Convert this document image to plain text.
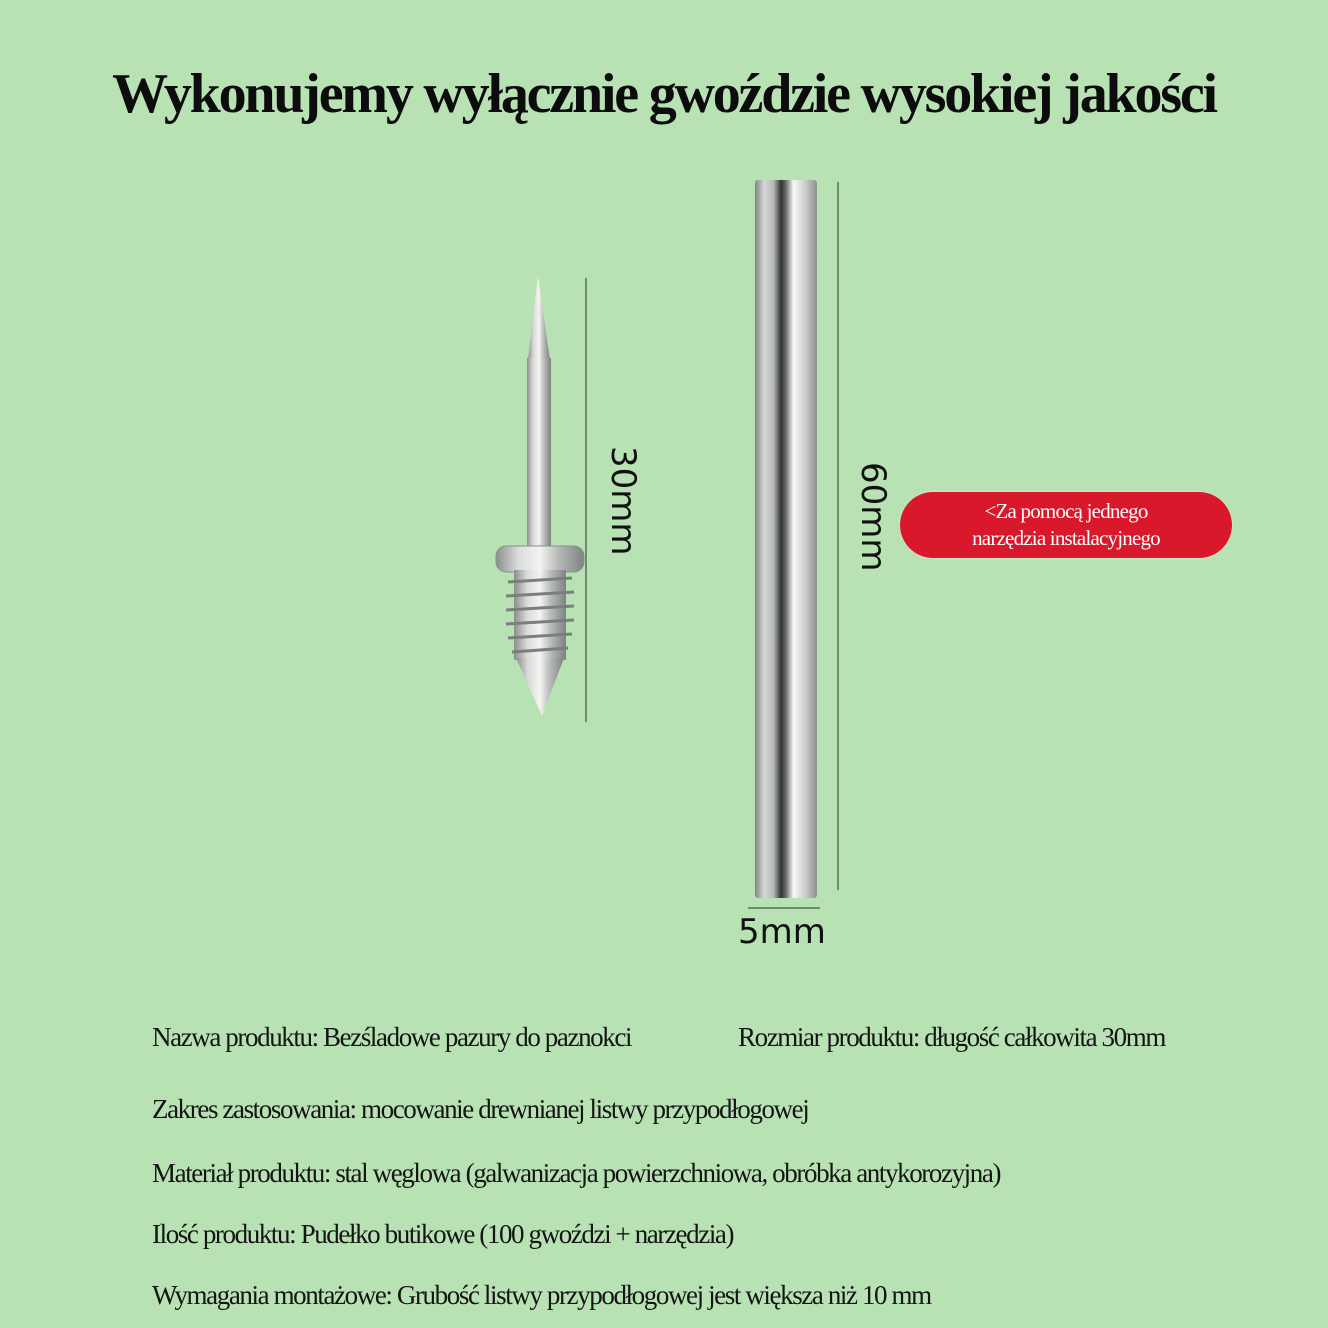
Wykonujemy wyłącznie gwoździe wysokiej jakości
30mm	60mm
5mm
<Za pomocą jednego
narzędzia instalacyjnego
Nazwa produktu: Bezśladowe pazury do paznokci	Rozmiar produktu: długość całkowita 30mm
Zakres zastosowania: mocowanie drewnianej listwy przypodłogowej
Materiał produktu: stal węglowa (galwanizacja powierzchniowa, obróbka antykorozyjna)
Ilość produktu: Pudełko butikowe (100 gwoździ + narzędzia)
Wymagania montażowe: Grubość listwy przypodłogowej jest większa niż 10 mm
